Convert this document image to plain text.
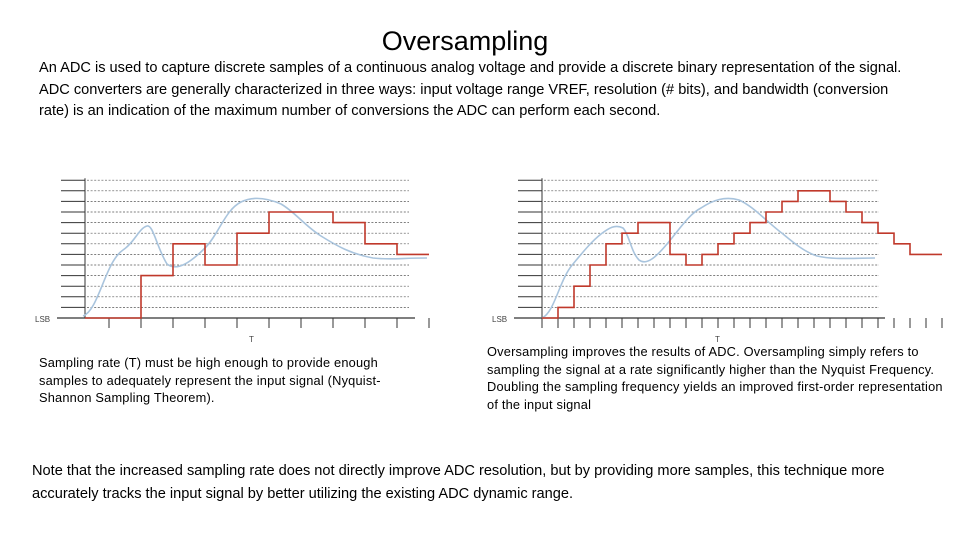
Oversampling
An ADC is used to capture discrete samples of a continuous analog voltage and provide a discrete binary representation of the signal. ADC converters are generally characterized in three ways: input voltage range VREF, resolution (# bits), and bandwidth (conversion rate) is an indication of the maximum number of conversions the ADC can perform each second.
LSB
T
LSB
T
Sampling rate (T) must be high enough to provide enough samples to adequately represent the input signal (Nyquist-Shannon Sampling Theorem).
Oversampling improves the results of ADC. Oversampling simply refers to sampling the signal at a rate significantly higher than the Nyquist Frequency. Doubling the sampling frequency yields an improved first-order representation of the input signal
Note that the increased sampling rate does not directly improve ADC resolution, but by providing more samples, this technique more accurately tracks the input signal by better utilizing the existing ADC dynamic range.
